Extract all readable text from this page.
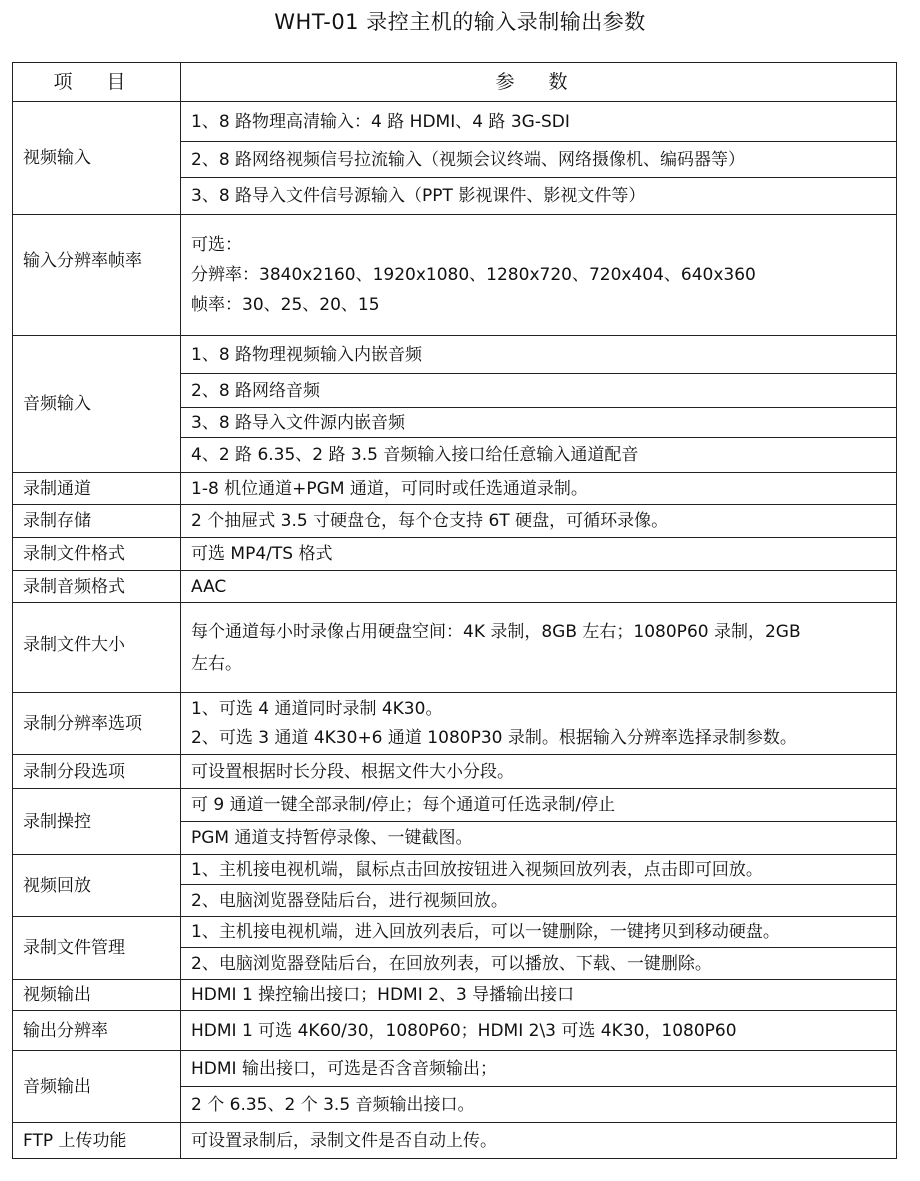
WHT-01 录控主机的输入录制输出参数
项 目	参 数
视频输入	1、8 路物理高清输入：4 路 HDMI、4 路 3G-SDI
	2、8 路网络视频信号拉流输入（视频会议终端、网络摄像机、编码器等）
	3、8 路导入文件信号源输入（PPT 影视课件、影视文件等）
输入分辨率帧率	可选：
分辨率：3840x2160、1920x1080、1280x720、720x404、640x360
帧率：30、25、20、15

音频输入	1、8 路物理视频输入内嵌音频
	2、8 路网络音频
	3、8 路导入文件源内嵌音频
	4、2 路 6.35、2 路 3.5 音频输入接口给任意输入通道配音
录制通道	1-8 机位通道+PGM 通道，可同时或任选通道录制。
录制存储	2 个抽屉式 3.5 寸硬盘仓，每个仓支持 6T 硬盘，可循环录像。
录制文件格式	可选 MP4/TS 格式
录制音频格式	AAC
录制文件大小	每个通道每小时录像占用硬盘空间：4K 录制，8GB 左右；1080P60 录制，2GB
左右。

录制分辨率选项	1、可选 4 通道同时录制 4K30。
2、可选 3 通道 4K30+6 通道 1080P30 录制。根据输入分辨率选择录制参数。

录制分段选项	可设置根据时长分段、根据文件大小分段。
录制操控	可 9 通道一键全部录制/停止；每个通道可任选录制/停止
	PGM 通道支持暂停录像、一键截图。
视频回放	1、主机接电视机端，鼠标点击回放按钮进入视频回放列表，点击即可回放。
	2、电脑浏览器登陆后台，进行视频回放。
录制文件管理	1、主机接电视机端，进入回放列表后，可以一键删除，一键拷贝到移动硬盘。
	2、电脑浏览器登陆后台，在回放列表，可以播放、下载、一键删除。
视频输出	HDMI 1 操控输出接口；HDMI 2、3 导播输出接口
输出分辨率	HDMI 1 可选 4K60/30，1080P60；HDMI 2\3 可选 4K30，1080P60
音频输出	HDMI 输出接口，可选是否含音频输出；
	2 个 6.35、2 个 3.5 音频输出接口。
FTP 上传功能	可设置录制后，录制文件是否自动上传。
